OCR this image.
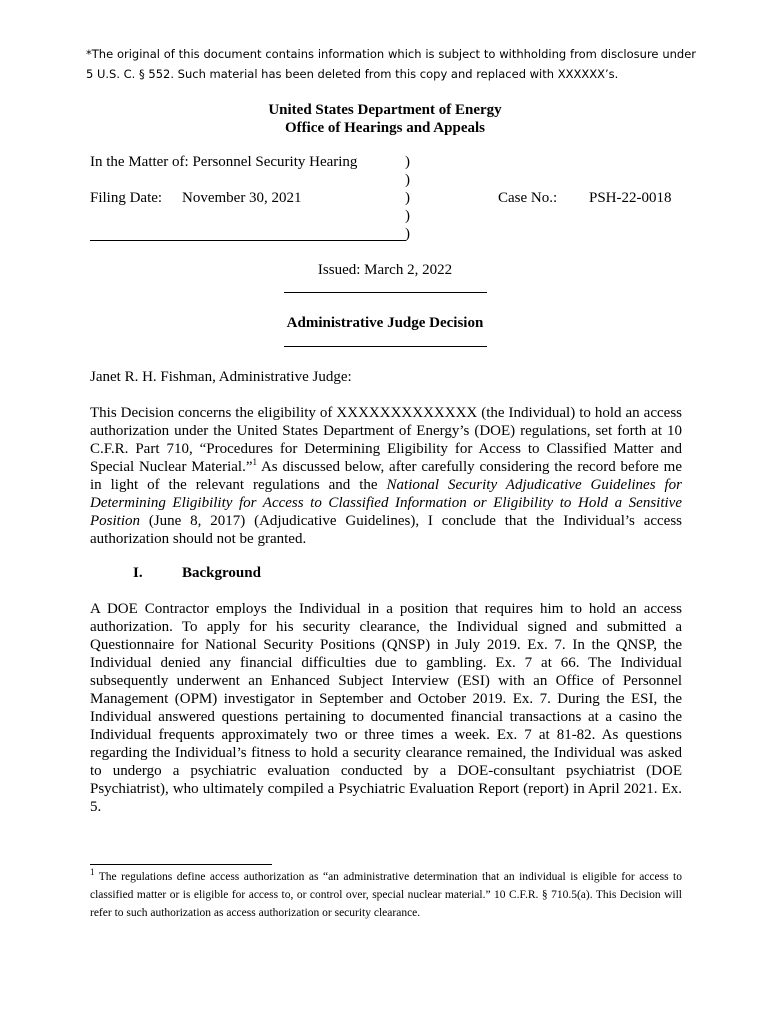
*The original of this document contains information which is subject to withholding from disclosure under 5 U.S. C. § 552. Such material has been deleted from this copy and replaced with XXXXXX’s.

United States Department of Energy
Office of Hearings and Appeals
In the Matter of: Personnel Security Hearing
Filing Date: November 30, 2021	Case No.: PSH-22-0018
)
)
)
)
)
Issued: March 2, 2022
Administrative Judge Decision
Janet R. H. Fishman, Administrative Judge:

This Decision concerns the eligibility of XXXXXXXXXXXXX (the Individual) to hold an access authorization under the United States Department of Energy’s (DOE) regulations, set forth at 10 C.F.R. Part 710, “Procedures for Determining Eligibility for Access to Classified Matter and Special Nuclear Material.”$^1$ As discussed below, after carefully considering the record before me in light of the relevant regulations and the National Security Adjudicative Guidelines for Determining Eligibility for Access to Classified Information or Eligibility to Hold a Sensitive Position (June 8, 2017) (Adjudicative Guidelines), I conclude that the Individual’s access authorization should not be granted.

I.	Background

A DOE Contractor employs the Individual in a position that requires him to hold an access authorization. To apply for his security clearance, the Individual signed and submitted a Questionnaire for National Security Positions (QNSP) in July 2019. Ex. 7. In the QNSP, the Individual denied any financial difficulties due to gambling. Ex. 7 at 66. The Individual subsequently underwent an Enhanced Subject Interview (ESI) with an Office of Personnel Management (OPM) investigator in September and October 2019. Ex. 7. During the ESI, the Individual answered questions pertaining to documented financial transactions at a casino the Individual frequents approximately two or three times a week. Ex. 7 at 81-82. As questions regarding the Individual’s fitness to hold a security clearance remained, the Individual was asked to undergo a psychiatric evaluation conducted by a DOE-consultant psychiatrist (DOE Psychiatrist), who ultimately compiled a Psychiatric Evaluation Report (report) in April 2021. Ex. 5.

$^1$ The regulations define access authorization as “an administrative determination that an individual is eligible for access to classified matter or is eligible for access to, or control over, special nuclear material.” 10 C.F.R. § 710.5(a). This Decision will refer to such authorization as access authorization or security clearance.
